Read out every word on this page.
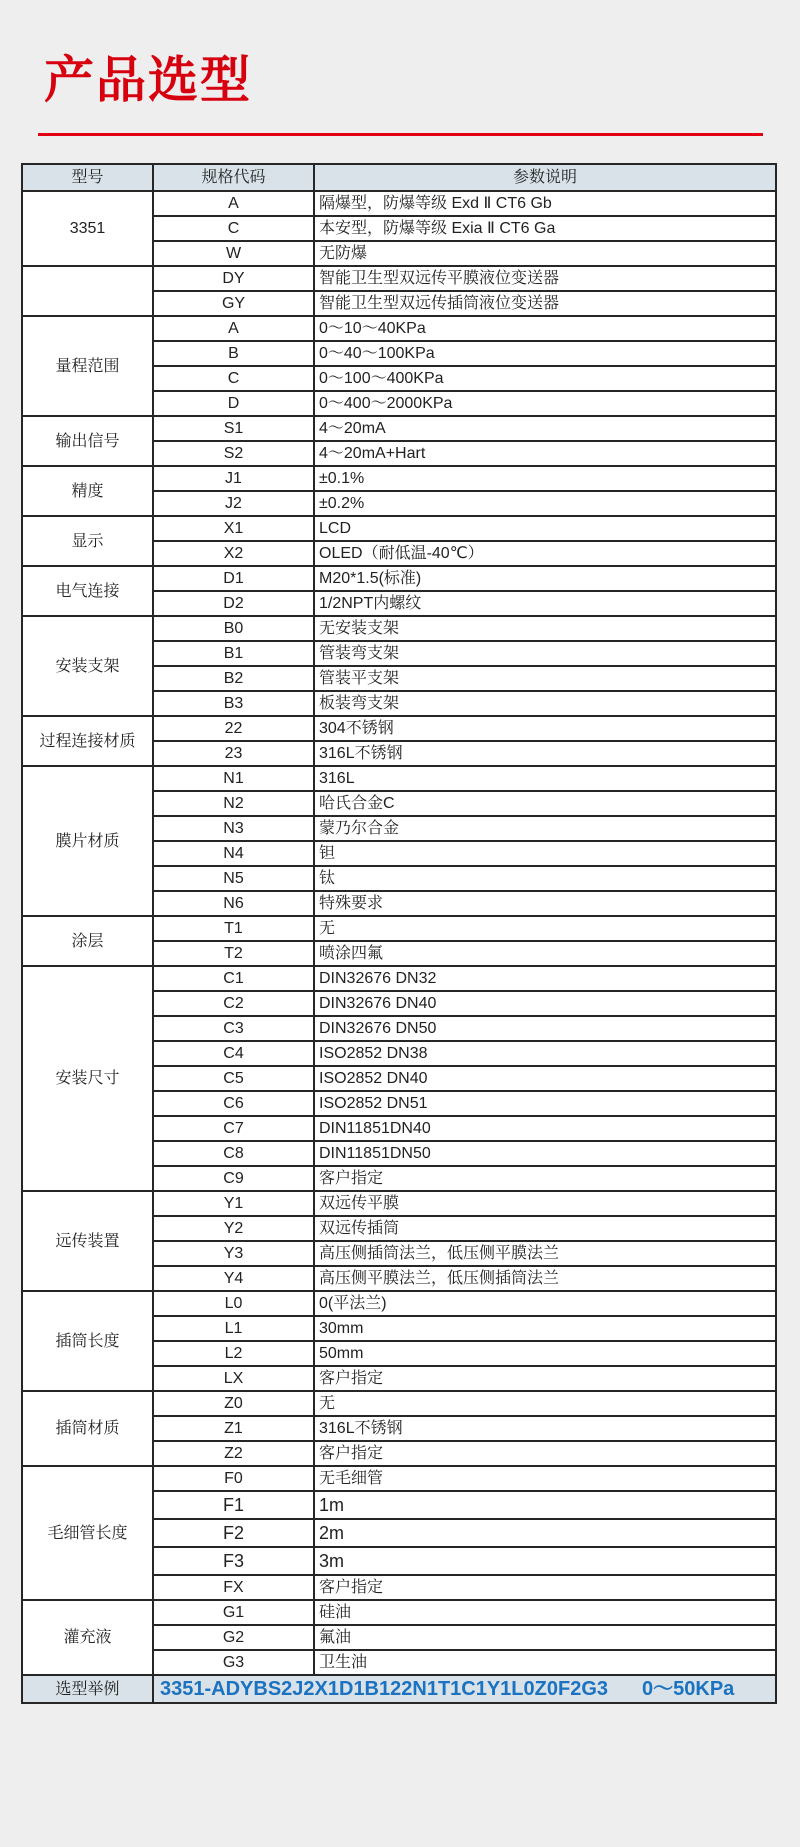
产品选型
型号	规格代码	参数说明
3351	A	隔爆型，防爆等级 Exd Ⅱ CT6 Gb
	C	本安型，防爆等级 Exia Ⅱ CT6 Ga
	W	无防爆
	DY	智能卫生型双远传平膜液位变送器
	GY	智能卫生型双远传插筒液位变送器
量程范围	A	0～10～40KPa
	B	0～40～100KPa
	C	0～100～400KPa
	D	0～400～2000KPa
输出信号	S1	4～20mA
	S2	4～20mA+Hart
精度	J1	±0.1%
	J2	±0.2%
显示	X1	LCD
	X2	OLED（耐低温-40℃）
电气连接	D1	M20*1.5(标准)
	D2	1/2NPT内螺纹
安装支架	B0	无安装支架
	B1	管装弯支架
	B2	管装平支架
	B3	板装弯支架
过程连接材质	22	304不锈钢
	23	316L不锈钢
膜片材质	N1	316L
	N2	哈氏合金C
	N3	蒙乃尔合金
	N4	钽
	N5	钛
	N6	特殊要求
涂层	T1	无
	T2	喷涂四氟
安装尺寸	C1	DIN32676 DN32
	C2	DIN32676 DN40
	C3	DIN32676 DN50
	C4	ISO2852 DN38
	C5	ISO2852 DN40
	C6	ISO2852 DN51
	C7	DIN11851DN40
	C8	DIN11851DN50
	C9	客户指定
远传装置	Y1	双远传平膜
	Y2	双远传插筒
	Y3	高压侧插筒法兰，低压侧平膜法兰
	Y4	高压侧平膜法兰，低压侧插筒法兰
插筒长度	L0	0(平法兰)
	L1	30mm
	L2	50mm
	LX	客户指定
插筒材质	Z0	无
	Z1	316L不锈钢
	Z2	客户指定
毛细管长度	F0	无毛细管
	F1	1m
	F2	2m
	F3	3m
	FX	客户指定
灌充液	G1	硅油
	G2	氟油
	G3	卫生油
选型举例	3351-ADYBS2J2X1D1B122N1T1C1Y1L0Z0F2G3 0～50KPa	
